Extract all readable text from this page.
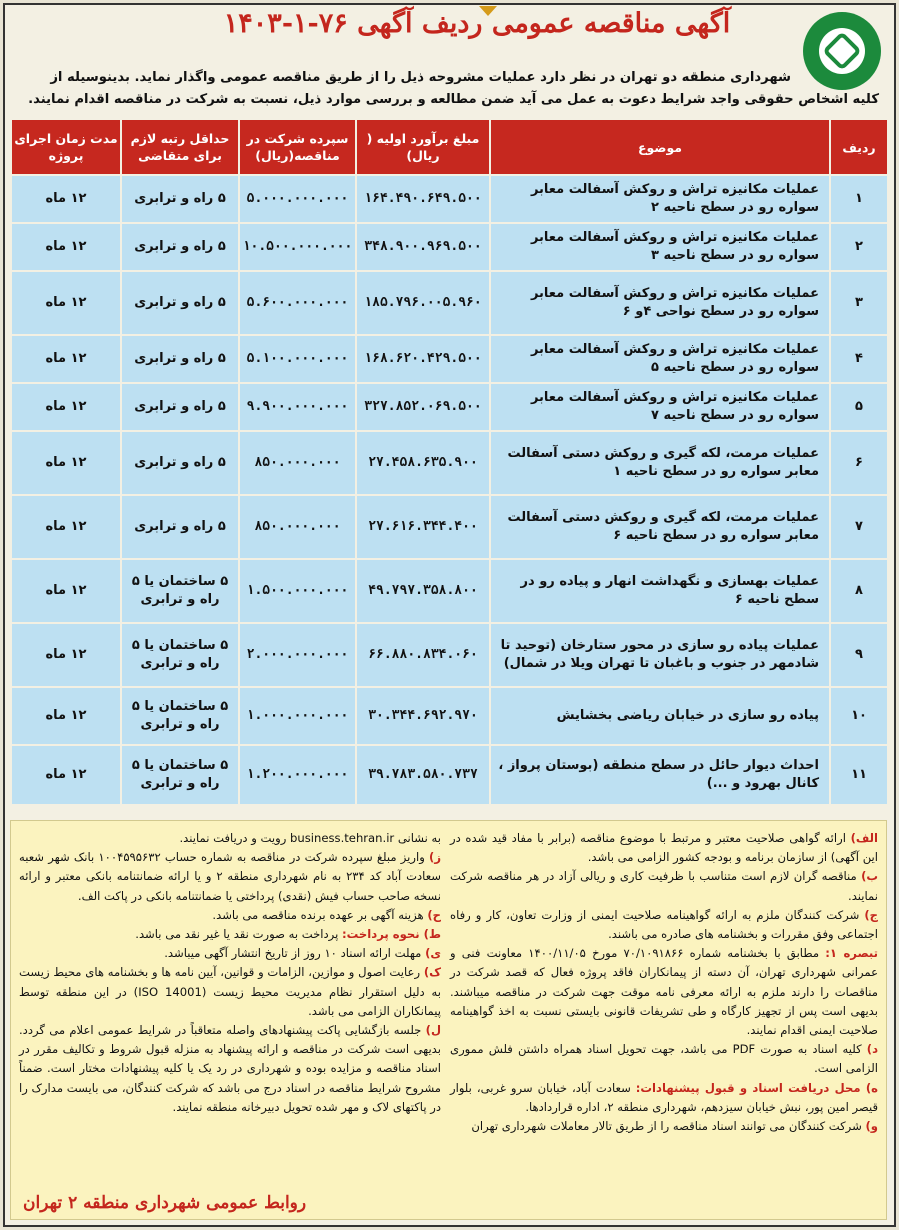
آگهی مناقصه عمومی ردیف آگهی ۷۶-۱-۱۴۰۳
شهرداری منطقه دو تهران در نظر دارد عملیات مشروحه ذیل را از طریق مناقصه عمومی واگذار نماید. بدینوسیله از
کلیه اشخاص حقوقی واجد شرایط دعوت به عمل می آید ضمن مطالعه و بررسی موارد ذیل، نسبت به شرکت در مناقصه اقدام نمایند.
ردیف	موضوع	مبلغ برآورد اولیه ( ریال)	سپرده شرکت در مناقصه(ریال)	حداقل رتبه لازم برای متقاضی	مدت زمان اجرای پروژه
۱	عملیات مکانیزه تراش و روکش آسفالت معابر سواره رو در سطح ناحیه ۲	۱۶۴.۴۹۰.۶۴۹.۵۰۰	۵.۰۰۰.۰۰۰.۰۰۰	۵ راه و ترابری	۱۲ ماه
۲	عملیات مکانیزه تراش و روکش آسفالت معابر سواره رو در سطح ناحیه ۳	۳۴۸.۹۰۰.۹۶۹.۵۰۰	۱۰.۵۰۰.۰۰۰.۰۰۰	۵ راه و ترابری	۱۲ ماه
۳	عملیات مکانیزه تراش و روکش آسفالت معابر سواره رو در سطح نواحی ۴و ۶	۱۸۵.۷۹۶.۰۰۵.۹۶۰	۵.۶۰۰.۰۰۰.۰۰۰	۵ راه و ترابری	۱۲ ماه
۴	عملیات مکانیزه تراش و روکش آسفالت معابر سواره رو در سطح ناحیه ۵	۱۶۸.۶۲۰.۴۲۹.۵۰۰	۵.۱۰۰.۰۰۰.۰۰۰	۵ راه و ترابری	۱۲ ماه
۵	عملیات مکانیزه تراش و روکش آسفالت معابر سواره رو در سطح ناحیه ۷	۳۲۷.۸۵۲.۰۶۹.۵۰۰	۹.۹۰۰.۰۰۰.۰۰۰	۵ راه و ترابری	۱۲ ماه
۶	عملیات مرمت، لکه گیری و روکش دستی آسفالت معابر سواره رو در سطح ناحیه ۱	۲۷.۴۵۸.۶۳۵.۹۰۰	۸۵۰.۰۰۰.۰۰۰	۵ راه و ترابری	۱۲ ماه
۷	عملیات مرمت، لکه گیری و روکش دستی آسفالت معابر سواره رو در سطح ناحیه ۶	۲۷.۶۱۶.۳۴۴.۴۰۰	۸۵۰.۰۰۰.۰۰۰	۵ راه و ترابری	۱۲ ماه
۸	عملیات بهسازی و نگهداشت انهار و پیاده رو در سطح ناحیه ۶	۴۹.۷۹۷.۳۵۸.۸۰۰	۱.۵۰۰.۰۰۰.۰۰۰	۵ ساختمان یا ۵ راه و ترابری	۱۲ ماه
۹	عملیات پیاده رو سازی در محور ستارخان (توحید تا شادمهر در جنوب و باغبان تا تهران ویلا در شمال)	۶۶.۸۸۰.۸۳۴.۰۶۰	۲.۰۰۰.۰۰۰.۰۰۰	۵ ساختمان یا ۵ راه و ترابری	۱۲ ماه
۱۰	پیاده رو سازی در خیابان ریاضی بخشایش	۳۰.۳۴۴.۶۹۲.۹۷۰	۱.۰۰۰.۰۰۰.۰۰۰	۵ ساختمان یا ۵ راه و ترابری	۱۲ ماه
۱۱	احداث دیوار حائل در سطح منطقه (بوستان پرواز ، کانال بهرود و ...)	۳۹.۷۸۳.۵۸۰.۷۳۷	۱.۲۰۰.۰۰۰.۰۰۰	۵ ساختمان یا ۵ راه و ترابری	۱۲ ماه
الف) ارائه گواهی صلاحیت معتبر و مرتبط با موضوع مناقصه (برابر با مفاد قید شده در این آگهی) از سازمان برنامه و بودجه کشور الزامی می باشد.
ب) مناقصه گران لازم است متناسب با ظرفیت کاری و ریالی آزاد در هر مناقصه شرکت نمایند.
ج) شرکت کنندگان ملزم به ارائه گواهینامه صلاحیت ایمنی از وزارت تعاون، کار و رفاه اجتماعی وفق مقررات و بخشنامه های صادره می باشند.
تبصره ۱: مطابق با بخشنامه شماره ۷۰/۱۰۹۱۸۶۶ مورخ ۱۴۰۰/۱۱/۰۵ معاونت فنی و عمرانی شهرداری تهران، آن دسته از پیمانکاران فاقد پروژه فعال که قصد شرکت در مناقصات را دارند ملزم به ارائه معرفی نامه موقت جهت شرکت در مناقصه میباشند. بدیهی است پس از تجهیز کارگاه و طی تشریفات قانونی بایستی نسبت به اخذ گواهینامه صلاحیت ایمنی اقدام نمایند.
د) کلیه اسناد به صورت PDF می باشد، جهت تحویل اسناد همراه داشتن فلش مموری الزامی است.
ه) محل دریافت اسناد و قبول پیشنهادات: سعادت آباد، خیابان سرو غربی، بلوار قیصر امین پور، نبش خیابان سیزدهم، شهرداری منطقه ۲، اداره قراردادها.
و) شرکت کنندگان می توانند اسناد مناقصه را از طریق تالار معاملات شهرداری تهران
به نشانی business.tehran.ir رویت و دریافت نمایند.
ز) واریز مبلغ سپرده شرکت در مناقصه به شماره حساب ۱۰۰۴۵۹۵۶۳۲ بانک شهر شعبه سعادت آباد کد ۲۳۴ به نام شهرداری منطقه ۲ و یا ارائه ضمانتنامه بانکی معتبر و ارائه نسخه صاحب حساب فیش (نقدی) پرداختی یا ضمانتنامه بانکی در پاکت الف.
ح) هزینه آگهی بر عهده برنده مناقصه می باشد.
ط) نحوه پرداخت: پرداخت به صورت نقد یا غیر نقد می باشد.
ی) مهلت ارائه اسناد ۱۰ روز از تاریخ انتشار آگهی میباشد.
ک) رعایت اصول و موازین، الزامات و قوانین، آیین نامه ها و بخشنامه های محیط زیست به دلیل استقرار نظام مدیریت محیط زیست (ISO 14001) در این منطقه توسط پیمانکاران الزامی می باشد.
ل) جلسه بازگشایی پاکت پیشنهادهای واصله متعاقباً در شرایط عمومی اعلام می گردد. بدیهی است شرکت در مناقصه و ارائه پیشنهاد به منزله قبول شروط و تکالیف مقرر در اسناد مناقصه و مزایده بوده و شهرداری در رد یک یا کلیه پیشنهادات مختار است. ضمناً مشروح شرایط مناقصه در اسناد درج می باشد که شرکت کنندگان، می بایست مدارک را در پاکتهای لاک و مهر شده تحویل دبیرخانه منطقه نمایند.
روابط عمومی شهرداری منطقه ۲ تهران
